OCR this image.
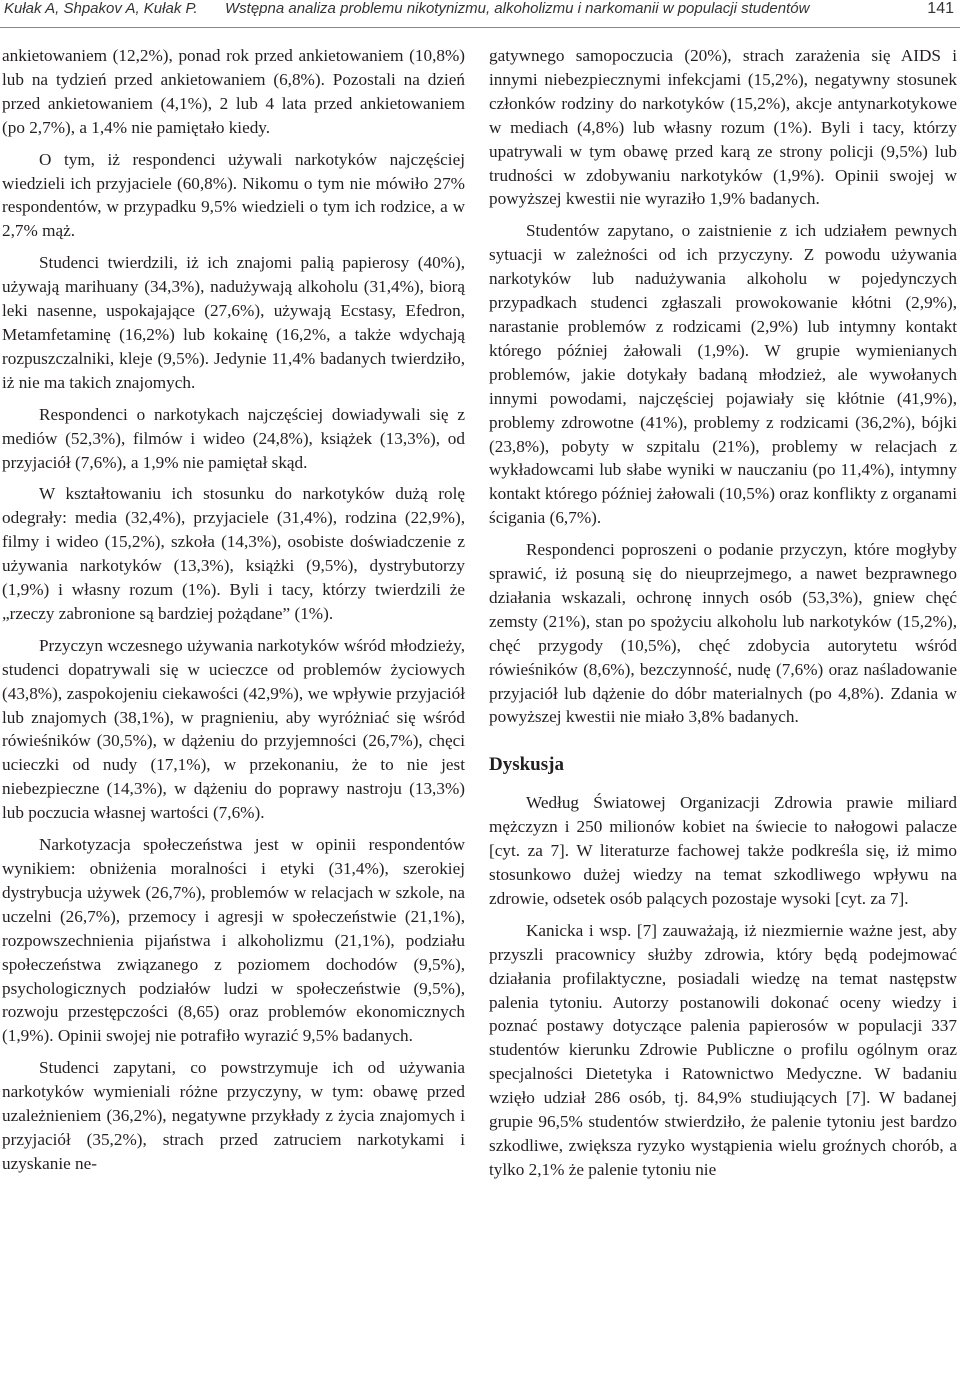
Kułak A, Shpakov A, Kułak P. Wstępna analiza problemu nikotynizmu, alkoholizmu i narkomanii w populacji studentów	141

ankietowaniem (12,2%), ponad rok przed ankietowaniem (10,8%) lub na tydzień przed ankietowaniem (6,8%). Pozostali na dzień przed ankietowaniem (4,1%), 2 lub 4 lata przed ankietowaniem (po 2,7%), a 1,4% nie pamiętało kiedy.

O tym, iż respondenci używali narkotyków najczęściej wiedzieli ich przyjaciele (60,8%). Nikomu o tym nie mówiło 27% respondentów, w przypadku 9,5% wiedzieli o tym ich rodzice, a w 2,7% mąż.

Studenci twierdzili, iż ich znajomi palią papierosy (40%), używają marihuany (34,3%), nadużywają alkoholu (31,4%), biorą leki nasenne, uspokajające (27,6%), używają Ecstasy, Efedron, Metamfetaminę (16,2%) lub kokainę (16,2%, a także wdychają rozpuszczalniki, kleje (9,5%). Jedynie 11,4% badanych twierdziło, iż nie ma takich znajomych.

Respondenci o narkotykach najczęściej dowiadywali się z mediów (52,3%), filmów i wideo (24,8%), książek (13,3%), od przyjaciół (7,6%), a 1,9% nie pamiętał skąd.

W kształtowaniu ich stosunku do narkotyków dużą rolę odegrały: media (32,4%), przyjaciele (31,4%), rodzina (22,9%), filmy i wideo (15,2%), szkoła (14,3%), osobiste doświadczenie z używania narkotyków (13,3%), książki (9,5%), dystrybutorzy (1,9%) i własny rozum (1%). Byli i tacy, którzy twierdzili że „rzeczy zabronione są bardziej pożądane” (1%).

Przyczyn wczesnego używania narkotyków wśród młodzieży, studenci dopatrywali się w ucieczce od problemów życiowych (43,8%), zaspokojeniu ciekawości (42,9%), we wpływie przyjaciół lub znajomych (38,1%), w pragnieniu, aby wyróżniać się wśród rówieśników (30,5%), w dążeniu do przyjemności (26,7%), chęci ucieczki od nudy (17,1%), w przekonaniu, że to nie jest niebezpieczne (14,3%), w dążeniu do poprawy nastroju (13,3%) lub poczucia własnej wartości (7,6%).

Narkotyzacja społeczeństwa jest w opinii respondentów wynikiem: obniżenia moralności i etyki (31,4%), szerokiej dystrybucja używek (26,7%), problemów w relacjach w szkole, na uczelni (26,7%), przemocy i agresji w społeczeństwie (21,1%), rozpowszechnienia pijaństwa i alkoholizmu (21,1%), podziału społeczeństwa związanego z poziomem dochodów (9,5%), psychologicznych podziałów ludzi w społeczeństwie (9,5%), rozwoju przestępczości (8,65) oraz problemów ekonomicznych (1,9%). Opinii swojej nie potrafiło wyrazić 9,5% badanych.

Studenci zapytani, co powstrzymuje ich od używania narkotyków wymieniali różne przyczyny, w tym: obawę przed uzależnieniem (36,2%), negatywne przykłady z życia znajomych i przyjaciół (35,2%), strach przed zatruciem narkotykami i uzyskanie ne-

gatywnego samopoczucia (20%), strach zarażenia się AIDS i innymi niebezpiecznymi infekcjami (15,2%), negatywny stosunek członków rodziny do narkotyków (15,2%), akcje antynarkotykowe w mediach (4,8%) lub własny rozum (1%). Byli i tacy, którzy upatrywali w tym obawę przed karą ze strony policji (9,5%) lub trudności w zdobywaniu narkotyków (1,9%). Opinii swojej w powyższej kwestii nie wyraziło 1,9% badanych.

Studentów zapytano, o zaistnienie z ich udziałem pewnych sytuacji w zależności od ich przyczyny. Z powodu używania narkotyków lub nadużywania alkoholu w pojedynczych przypadkach studenci zgłaszali prowokowanie kłótni (2,9%), narastanie problemów z rodzicami (2,9%) lub intymny kontakt którego później żałowali (1,9%). W grupie wymienianych problemów, jakie dotykały badaną młodzież, ale wywołanych innymi powodami, najczęściej pojawiały się kłótnie (41,9%), problemy zdrowotne (41%), problemy z rodzicami (36,2%), bójki (23,8%), pobyty w szpitalu (21%), problemy w relacjach z wykładowcami lub słabe wyniki w nauczaniu (po 11,4%), intymny kontakt którego później żałowali (10,5%) oraz konflikty z organami ścigania (6,7%).

Respondenci poproszeni o podanie przyczyn, które mogłyby sprawić, iż posuną się do nieuprzejmego, a nawet bezprawnego działania wskazali, ochronę innych osób (53,3%), gniew chęć zemsty (21%), stan po spożyciu alkoholu lub narkotyków (15,2%), chęć przygody (10,5%), chęć zdobycia autorytetu wśród rówieśników (8,6%), bezczynność, nudę (7,6%) oraz naśladowanie przyjaciół lub dążenie do dóbr materialnych (po 4,8%). Zdania w powyższej kwestii nie miało 3,8% badanych.

Dyskusja

Według Światowej Organizacji Zdrowia prawie miliard mężczyzn i 250 milionów kobiet na świecie to nałogowi palacze [cyt. za 7]. W literaturze fachowej także podkreśla się, iż mimo stosunkowo dużej wiedzy na temat szkodliwego wpływu na zdrowie, odsetek osób palących pozostaje wysoki [cyt. za 7].

Kanicka i wsp. [7] zauważają, iż niezmiernie ważne jest, aby przyszli pracownicy służby zdrowia, który będą podejmować działania profilaktyczne, posiadali wiedzę na temat następstw palenia tytoniu. Autorzy postanowili dokonać oceny wiedzy i poznać postawy dotyczące palenia papierosów w populacji 337 studentów kierunku Zdrowie Publiczne o profilu ogólnym oraz specjalności Dietetyka i Ratownictwo Medyczne. W badaniu wzięło udział 286 osób, tj. 84,9% studiujących [7]. W badanej grupie 96,5% studentów stwierdziło, że palenie tytoniu jest bardzo szkodliwe, zwiększa ryzyko wystąpienia wielu groźnych chorób, a tylko 2,1% że palenie tytoniu nie
